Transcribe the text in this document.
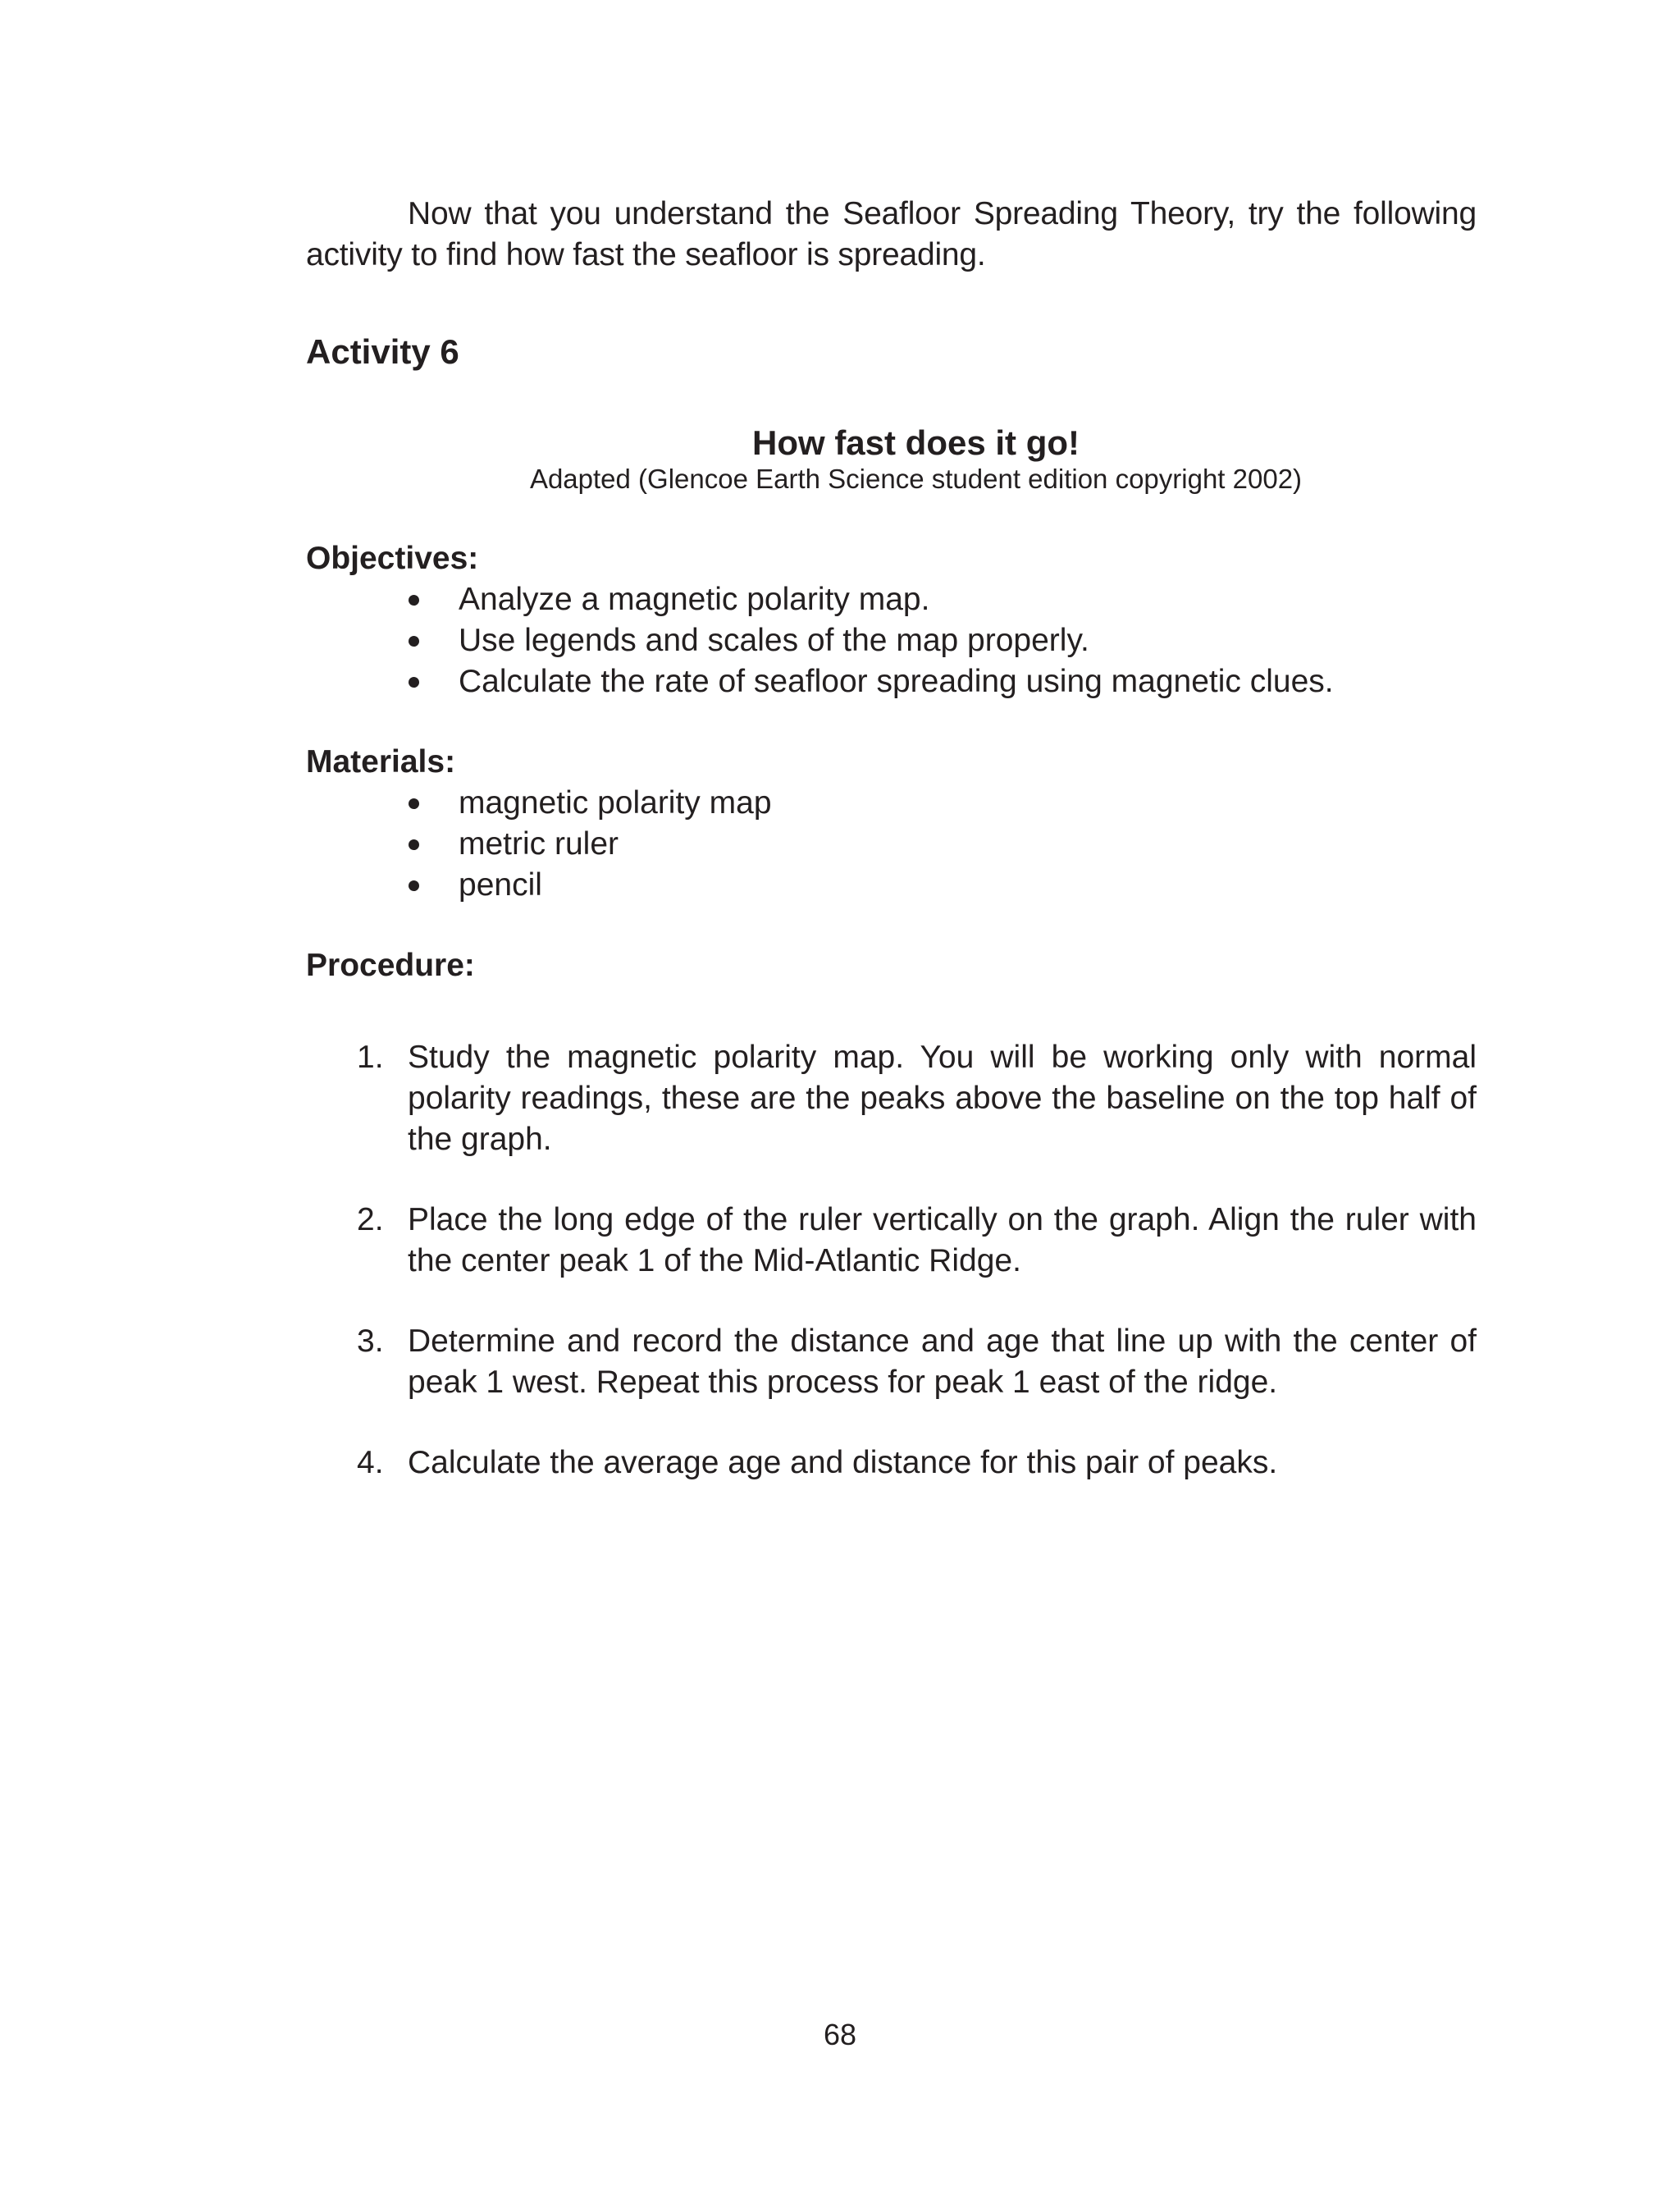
Now that you understand the Seafloor Spreading Theory, try the following activity to find how fast the seafloor is spreading.

Activity 6
How fast does it go!

Adapted (Glencoe Earth Science student edition copyright 2002)

Objectives:
Analyze a magnetic polarity map.
Use legends and scales of the map properly.
Calculate the rate of seafloor spreading using magnetic clues.
Materials:
magnetic polarity map
metric ruler
pencil
Procedure:
1. Study the magnetic polarity map. You will be working only with normal polarity readings, these are the peaks above the baseline on the top half of the graph.
2. Place the long edge of the ruler vertically on the graph. Align the ruler with the center peak 1 of the Mid-Atlantic Ridge.
3. Determine and record the distance and age that line up with the center of peak 1 west. Repeat this process for peak 1 east of the ridge.
4. Calculate the average age and distance for this pair of peaks.
68
